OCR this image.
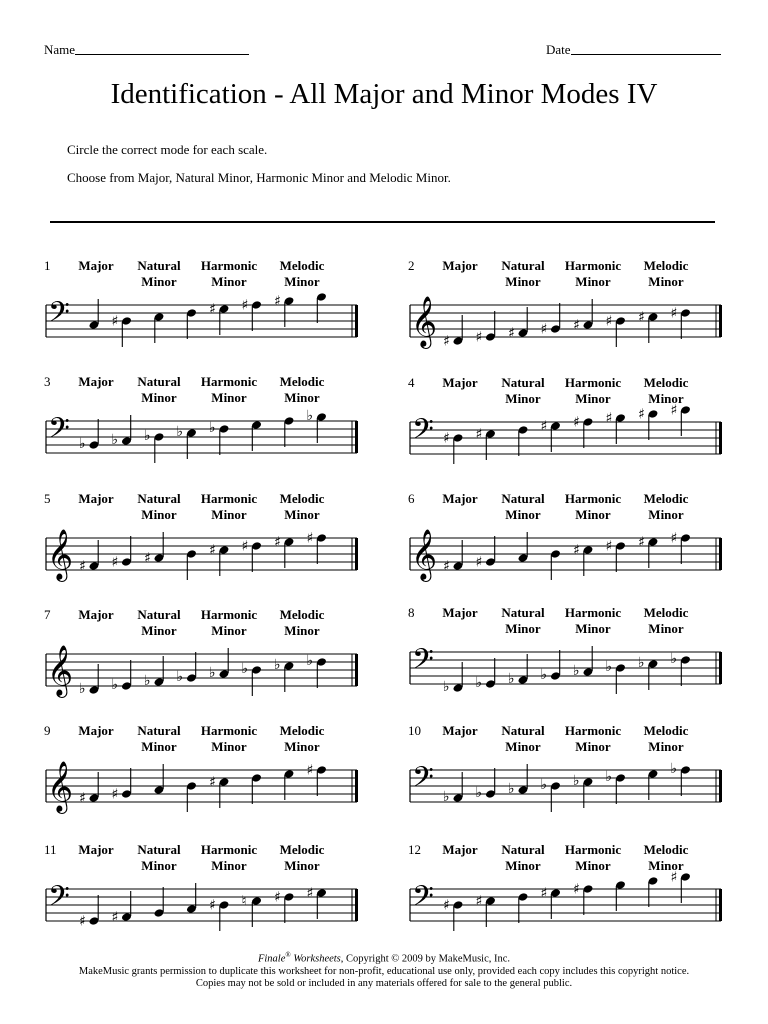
Name	Date
Identification - All Major and Minor Modes IV
Circle the correct mode for each scale.
Choose from Major, Natural Minor, Harmonic Minor and Melodic Minor.
1	Major	Natural
Minor
Harmonic
Minor
Melodic
Minor
𝄢	♯
♯ ♯ ♯
2	Major	Natural
Minor
Harmonic
Minor
Melodic
Minor
𝄞 ♯ ♯ ♯ ♯ ♯ ♯ ♯ ♯
3	Major	Natural
Minor
Harmonic
Minor
Melodic
Minor
𝄢 ♭ ♭ ♭ ♭ ♭
♭
4	Major	Natural
Minor
Harmonic
Minor
Melodic
Minor
𝄢 ♯ ♯	♯ ♯ ♯ ♯ ♯
5	Major	Natural
Minor
Harmonic
Minor
Melodic
Minor
𝄞 ♯ ♯ ♯	♯ ♯ ♯ ♯
6	Major	Natural
Minor
Harmonic
Minor
Melodic
Minor
𝄞 ♯ ♯
♯ ♯ ♯ ♯
7	Major	Natural
Minor
Harmonic
Minor
Melodic
Minor
𝄞 ♭ ♭ ♭ ♭ ♭ ♭ ♭ ♭
8	Major	Natural
Minor
Harmonic
Minor
Melodic
Minor
𝄢
♭ ♭ ♭ ♭ ♭ ♭ ♭ ♭
9	Major	Natural
Minor
Harmonic
Minor
Melodic
Minor
𝄞 ♯ ♯
♯
♯
10	Major	Natural
Minor
Harmonic
Minor
Melodic
Minor
𝄢 ♭ ♭ ♭ ♭ ♭ ♭	♭
11	Major	Natural
Minor
Harmonic
Minor
Melodic
Minor
𝄢
♯ ♯
♯ ♮ ♯ ♯
12	Major	Natural
Minor
Harmonic
Minor
Melodic
Minor
𝄢 ♯ ♯	♯ ♯
♯
Finale® Worksheets, Copyright © 2009 by MakeMusic, Inc.
MakeMusic grants permission to duplicate this worksheet for non-profit, educational use only, provided each copy includes this copyright notice.
Copies may not be sold or included in any materials offered for sale to the general public.
